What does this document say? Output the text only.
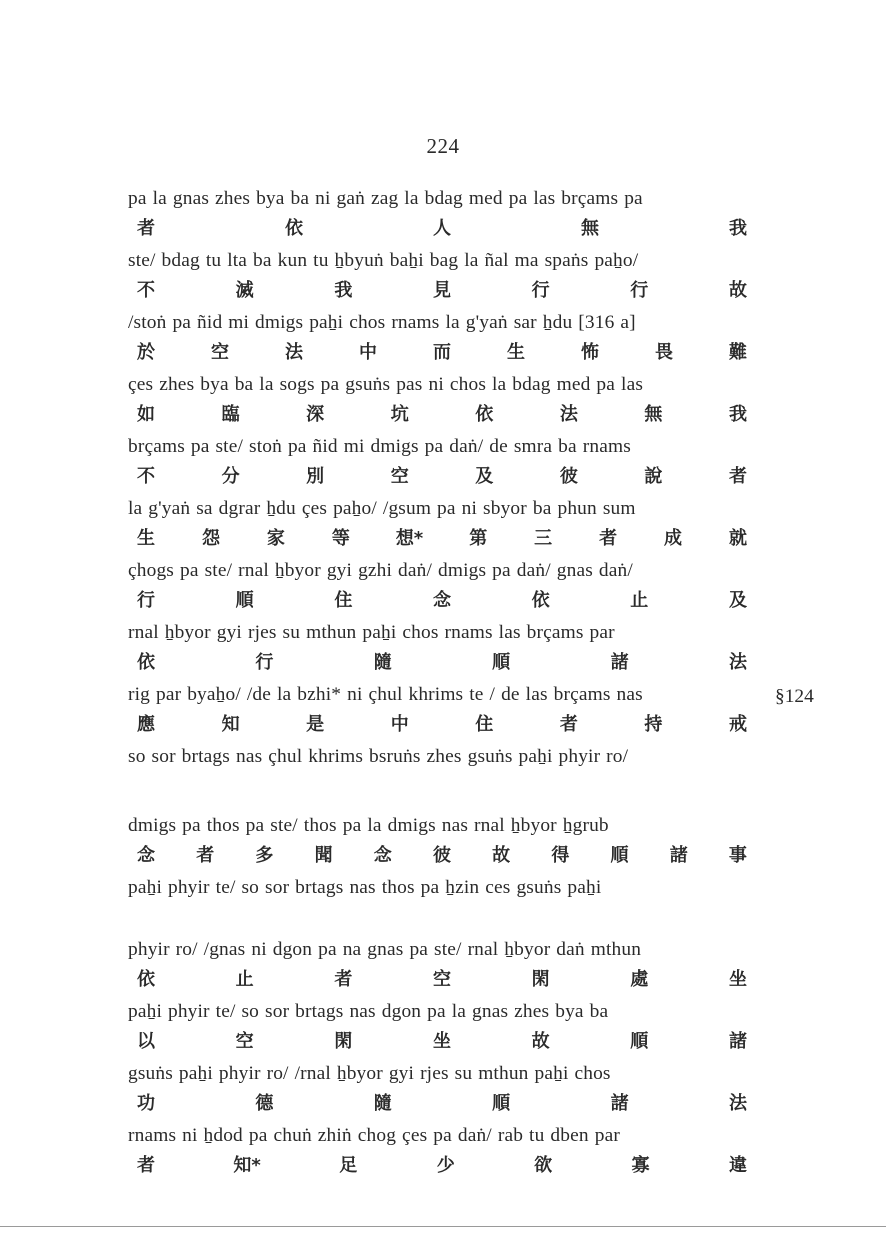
224
pa la gnas zhes bya ba ni gaṅ zag la bdag med pa las brçams pa
者	依	人	無	我
ste/ bdag tu lta ba kun tu ẖbyuṅ baẖi bag la ñal ma spaṅs paẖo/
不	滅	我	見	行	行	故
/stoṅ pa ñid mi dmigs paẖi chos rnams la g'yaṅ sar ẖdu [316 a]
於	空	法	中	而	生	怖	畏	難
çes zhes bya ba la sogs pa gsuṅs pas ni chos la bdag med pa las
如	臨	深	坑	依	法	無	我
brçams pa ste/ stoṅ pa ñid mi dmigs pa daṅ/ de smra ba rnams
不	分	別	空	及	彼	說	者
la g'yaṅ sa dgrar ẖdu çes paẖo/ /gsum pa ni sbyor ba phun sum
生	怨	家	等	想*	第	三	者	成	就
çhogs pa ste/ rnal ẖbyor gyi gzhi daṅ/ dmigs pa daṅ/ gnas daṅ/
行	順	住	念	依	止	及
rnal ẖbyor gyi rjes su mthun paẖi chos rnams las brçams par
依	行	隨	順	諸	法
rig par byaẖo/ /de la bzhi* ni çhul khrims te / de las brçams nas
應	知	是	中	住	者	持	戒
so sor brtags nas çhul khrims bsruṅs zhes gsuṅs paẖi phyir ro/
§124
dmigs pa thos pa ste/ thos pa la dmigs nas rnal ẖbyor ẖgrub
念 者 多 聞 念 彼 故 得 順 諸 事
paẖi phyir te/ so sor brtags nas thos pa ẖzin ces gsuṅs paẖi
phyir ro/ /gnas ni dgon pa na gnas pa ste/ rnal ẖbyor daṅ mthun
依	止	者	空	閑	處	坐
paẖi phyir te/ so sor brtags nas dgon pa la gnas zhes bya ba
以	空	閑	坐	故	順	諸
gsuṅs paẖi phyir ro/ /rnal ẖbyor gyi rjes su mthun paẖi chos
功	德	隨	順	諸	法
rnams ni ẖdod pa chuṅ zhiṅ chog çes pa daṅ/ rab tu dben par
者	知*	足	少	欲	寡	違
